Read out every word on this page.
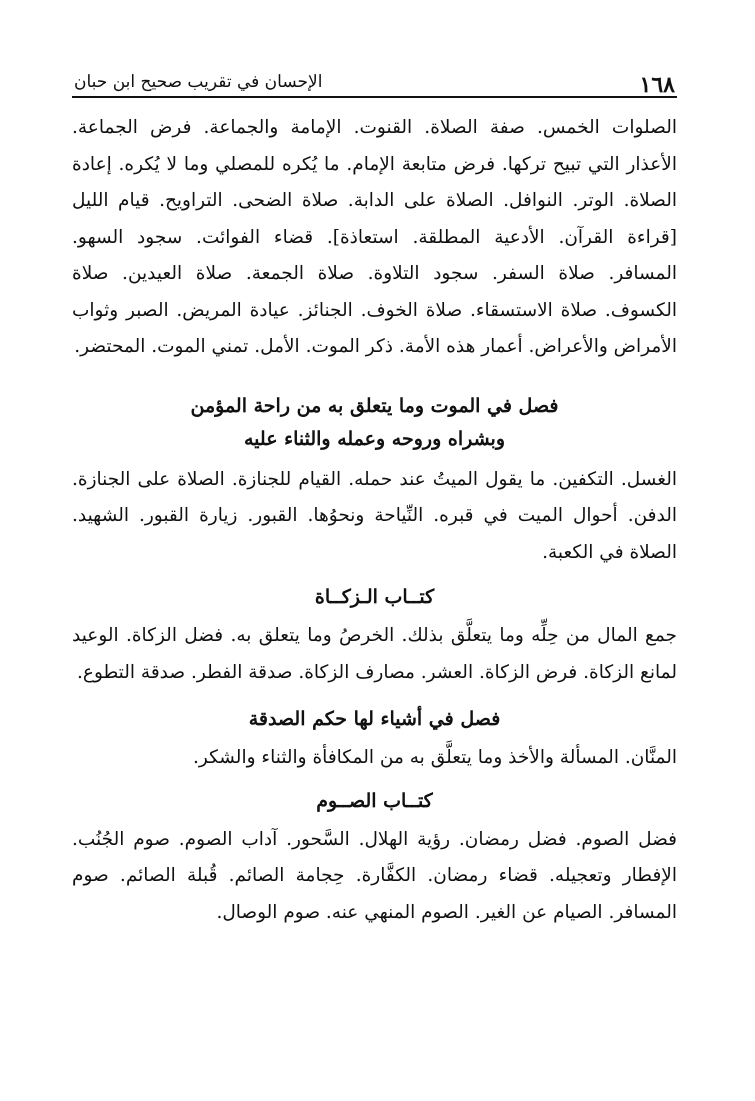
١٦٨
الإحسان في تقريب صحيح ابن حبان

الصلوات الخمس. صفة الصلاة. القنوت. الإمامة والجماعة. فرض الجماعة. الأعذار التي تبيح تركها. فرض متابعة الإمام. ما يُكره للمصلي وما لا يُكره. إعادة الصلاة. الوتر. النوافل. الصلاة على الدابة. صلاة الضحى. التراويح. قيام الليل [قراءة القرآن. الأدعية المطلقة. استعاذة]. قضاء الفوائت. سجود السهو. المسافر. صلاة السفر. سجود التلاوة. صلاة الجمعة. صلاة العيدين. صلاة الكسوف. صلاة الاستسقاء. صلاة الخوف. الجنائز. عيادة المريض. الصبر وثواب الأمراض والأعراض. أعمار هذه الأمة. ذكر الموت. الأمل. تمني الموت. المحتضر.

فصل في الموت وما يتعلق به من راحة المؤمن
وبشراه وروحه وعمله والثناء عليه

الغسل. التكفين. ما يقول الميتُ عند حمله. القيام للجنازة. الصلاة على الجنازة. الدفن. أحوال الميت في قبره. النِّياحة ونحوُها. القبور. زيارة القبور. الشهيد. الصلاة في الكعبة.

كتــاب الـزكــاة

جمع المال من حِلِّه وما يتعلَّق بذلك. الخرصُ وما يتعلق به. فضل الزكاة. الوعيد لمانع الزكاة. فرض الزكاة. العشر. مصارف الزكاة. صدقة الفطر. صدقة التطوع.

فصل في أشياء لها حكم الصدقة

المنَّان. المسألة والأخذ وما يتعلَّق به من المكافأة والثناء والشكر.

كتــاب الصــوم

فضل الصوم. فضل رمضان. رؤية الهلال. السَّحور. آداب الصوم. صوم الجُنُب. الإفطار وتعجيله. قضاء رمضان. الكفَّارة. حِجامة الصائم. قُبلة الصائم. صوم المسافر. الصيام عن الغير. الصوم المنهي عنه. صوم الوصال.
